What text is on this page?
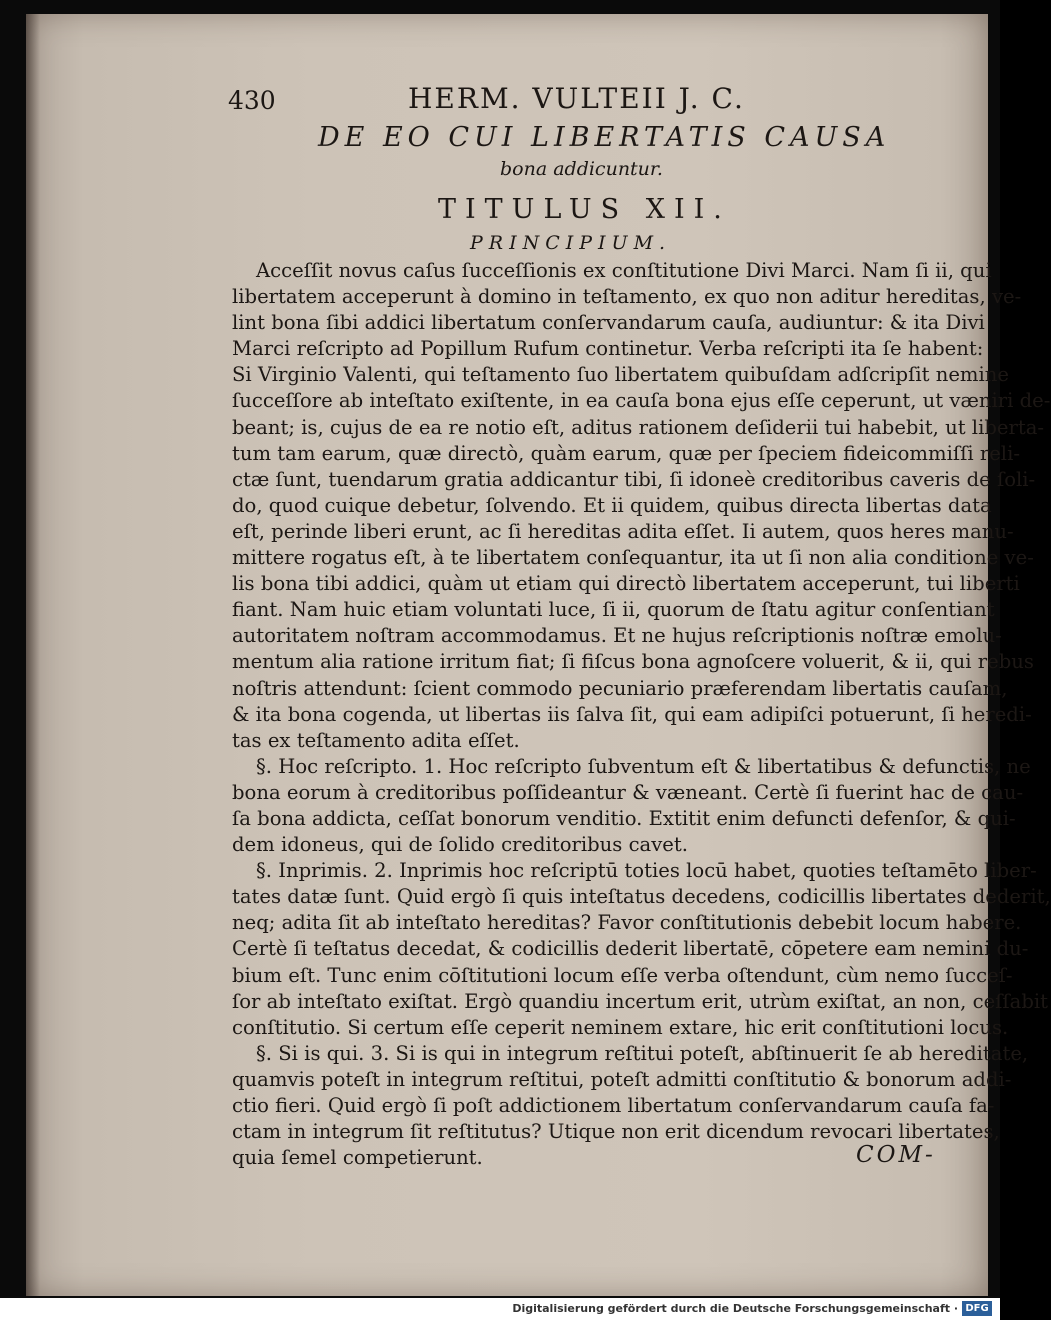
430	HERM. VULTEII J. C.
DE EO CUI LIBERTATIS CAUSA
bona addicuntur.
TITULUS XII.
PRINCIPIUM.
Acceſſit novus caſus ſucceſſionis ex conſtitutione Divi Marci. Nam ſi ii, qui
libertatem acceperunt à domino in teſtamento, ex quo non aditur hereditas, ve-
lint bona ſibi addici libertatum conſervandarum cauſa, audiuntur: & ita Divi
Marci reſcripto ad Popillum Rufum continetur. Verba reſcripti ita ſe habent:
Si Virginio Valenti, qui teſtamento ſuo libertatem quibuſdam adſcripſit nemine
ſucceſſore ab inteſtato exiſtente, in ea cauſa bona ejus eſſe ceperunt, ut væniri de-
beant; is, cujus de ea re notio eſt, aditus rationem deſiderii tui habebit, ut liberta-
tum tam earum, quæ directò, quàm earum, quæ per ſpeciem fideicommiſſi reli-
ctæ ſunt, tuendarum gratia addicantur tibi, ſi idoneè creditoribus caveris de ſoli-
do, quod cuique debetur, ſolvendo. Et ii quidem, quibus directa libertas data
eſt, perinde liberi erunt, ac ſi hereditas adita eſſet. Ii autem, quos heres manu-
mittere rogatus eſt, à te libertatem conſequantur, ita ut ſi non alia conditione ve-
lis bona tibi addici, quàm ut etiam qui directò libertatem acceperunt, tui liberti
fiant. Nam huic etiam voluntati luce, ſi ii, quorum de ſtatu agitur conſentiant
autoritatem noſtram accommodamus. Et ne hujus reſcriptionis noſtræ emolu-
mentum alia ratione irritum fiat; ſi fiſcus bona agnoſcere voluerit, & ii, qui rebus
noſtris attendunt: ſcient commodo pecuniario præferendam libertatis cauſam,
& ita bona cogenda, ut libertas iis ſalva ſit, qui eam adipiſci potuerunt, ſi heredi-
tas ex teſtamento adita eſſet.
§. Hoc reſcripto. 1. Hoc reſcripto ſubventum eſt & libertatibus & defunctis, ne
bona eorum à creditoribus poſſideantur & væneant. Certè ſi fuerint hac de cau-
ſa bona addicta, ceſſat bonorum venditio. Extitit enim defuncti defenſor, & qui-
dem idoneus, qui de ſolido creditoribus cavet.
§. Inprimis. 2. Inprimis hoc reſcriptū toties locū habet, quoties teſtamēto liber-
tates datæ ſunt. Quid ergò ſi quis inteſtatus decedens, codicillis libertates dederit,
neq; adita ſit ab inteſtato hereditas? Favor conſtitutionis debebit locum habere.
Certè ſi teſtatus decedat, & codicillis dederit libertatē, cōpetere eam nemini du-
bium eſt. Tunc enim cōſtitutioni locum eſſe verba oſtendunt, cùm nemo ſucceſ-
ſor ab inteſtato exiſtat. Ergò quandiu incertum erit, utrùm exiſtat, an non, ceſſabit
conſtitutio. Si certum eſſe ceperit neminem extare, hic erit conſtitutioni locus.
§. Si is qui. 3. Si is qui in integrum reſtitui poteſt, abſtinuerit ſe ab hereditate,
quamvis poteſt in integrum reſtitui, poteſt admitti conſtitutio & bonorum addi-
ctio fieri. Quid ergò ſi poſt addictionem libertatum conſervandarum cauſa fa-
ctam in integrum ſit reſtitutus? Utique non erit dicendum revocari libertates,
quia ſemel competierunt.	COM-
Digitalisierung gefördert durch die Deutsche Forschungsgemeinschaft · DFG
